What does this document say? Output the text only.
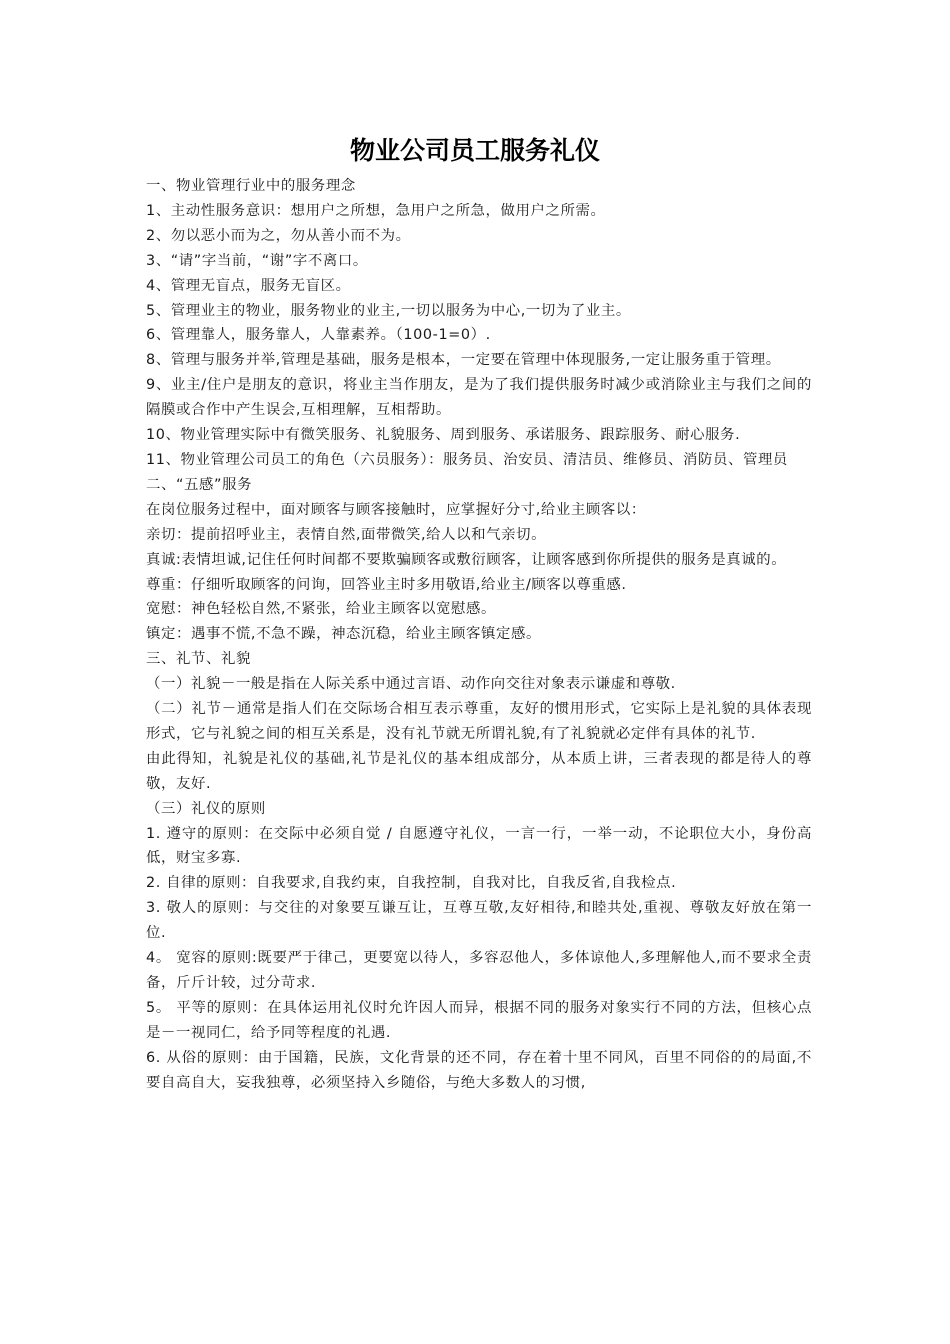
物业公司员工服务礼仪

一、物业管理行业中的服务理念

1、主动性服务意识：想用户之所想，急用户之所急，做用户之所需。

2、勿以恶小而为之，勿从善小而不为。

3、“请”字当前，“谢”字不离口。

4、管理无盲点，服务无盲区。

5、管理业主的物业，服务物业的业主,一切以服务为中心,一切为了业主。

6、管理靠人，服务靠人，人靠素养。（100-1=0）.

8、管理与服务并举,管理是基础，服务是根本，一定要在管理中体现服务,一定让服务重于管理。

9、业主/住户是朋友的意识，将业主当作朋友，是为了我们提供服务时减少或消除业主与我们之间的隔膜或合作中产生误会,互相理解，互相帮助。

10、物业管理实际中有微笑服务、礼貌服务、周到服务、承诺服务、跟踪服务、耐心服务.

11、物业管理公司员工的角色（六员服务）：服务员、治安员、清洁员、维修员、消防员、管理员

二、“五感”服务

在岗位服务过程中，面对顾客与顾客接触时，应掌握好分寸,给业主顾客以：

亲切：提前招呼业主，表情自然,面带微笑,给人以和气亲切。

真诚:表情坦诚,记住任何时间都不要欺骗顾客或敷衍顾客，让顾客感到你所提供的服务是真诚的。

尊重：仔细听取顾客的问询，回答业主时多用敬语,给业主/顾客以尊重感.

宽慰：神色轻松自然,不紧张，给业主顾客以宽慰感。

镇定：遇事不慌,不急不躁，神态沉稳，给业主顾客镇定感。

三、礼节、礼貌

（一）礼貌－一般是指在人际关系中通过言语、动作向交往对象表示谦虚和尊敬.

（二）礼节－通常是指人们在交际场合相互表示尊重，友好的惯用形式，它实际上是礼貌的具体表现形式，它与礼貌之间的相互关系是，没有礼节就无所谓礼貌,有了礼貌就必定伴有具体的礼节.

由此得知，礼貌是礼仪的基础,礼节是礼仪的基本组成部分，从本质上讲，三者表现的都是待人的尊敬，友好.

（三）礼仪的原则

1. 遵守的原则：在交际中必须自觉 / 自愿遵守礼仪，一言一行，一举一动，不论职位大小，身份高低，财宝多寡.

2. 自律的原则：自我要求,自我约束，自我控制，自我对比，自我反省,自我检点.

3. 敬人的原则：与交往的对象要互谦互让，互尊互敬,友好相待,和睦共处,重视、尊敬友好放在第一位.

4。 宽容的原则:既要严于律己，更要宽以待人，多容忍他人，多体谅他人,多理解他人,而不要求全责备，斤斤计较，过分苛求.

5。 平等的原则：在具体运用礼仪时允许因人而异，根据不同的服务对象实行不同的方法，但核心点是－一视同仁，给予同等程度的礼遇.

6. 从俗的原则：由于国籍，民族，文化背景的还不同，存在着十里不同风，百里不同俗的的局面,不要自高自大，妄我独尊，必须坚持入乡随俗，与绝大多数人的习惯,
